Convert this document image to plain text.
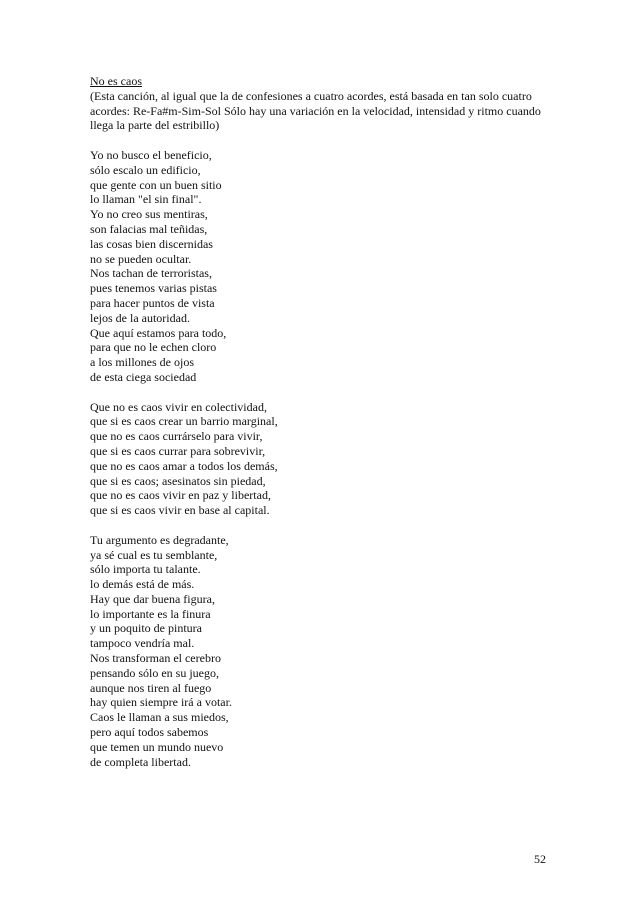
No es caos
(Esta canción, al igual que la de confesiones a cuatro acordes, está basada en tan solo cuatro acordes: Re-Fa#m-Sim-Sol Sólo hay una variación en la velocidad, intensidad y ritmo cuando llega la parte del estribillo)
Yo no busco el beneficio,
sólo escalo un edificio,
que gente con un buen sitio
lo llaman "el sin final".
Yo no creo sus mentiras,
son falacias mal teñidas,
las cosas bien discernidas
no se pueden ocultar.
Nos tachan de terroristas,
pues tenemos varias pistas
para hacer puntos de vista
lejos de la autoridad.
Que aquí estamos para todo,
para que no le echen cloro
a los millones de ojos
de esta ciega sociedad
Que no es caos vivir en colectividad,
que si es caos crear un barrio marginal,
que no es caos currárselo para vivir,
que si es caos currar para sobrevivir,
que no es caos amar a todos los demás,
que si es caos; asesinatos sin piedad,
que no es caos vivir en paz y libertad,
que si es caos vivir en base al capital.
Tu argumento es degradante,
ya sé cual es tu semblante,
sólo importa tu talante.
lo demás está de más.
Hay que dar buena figura,
lo importante es la finura
y un poquito de pintura
tampoco vendría mal.
Nos transforman el cerebro
pensando sólo en su juego,
aunque nos tiren al fuego
hay quien siempre irá a votar.
Caos le llaman a sus miedos,
pero aquí todos sabemos
que temen un mundo nuevo
de completa libertad.
52
